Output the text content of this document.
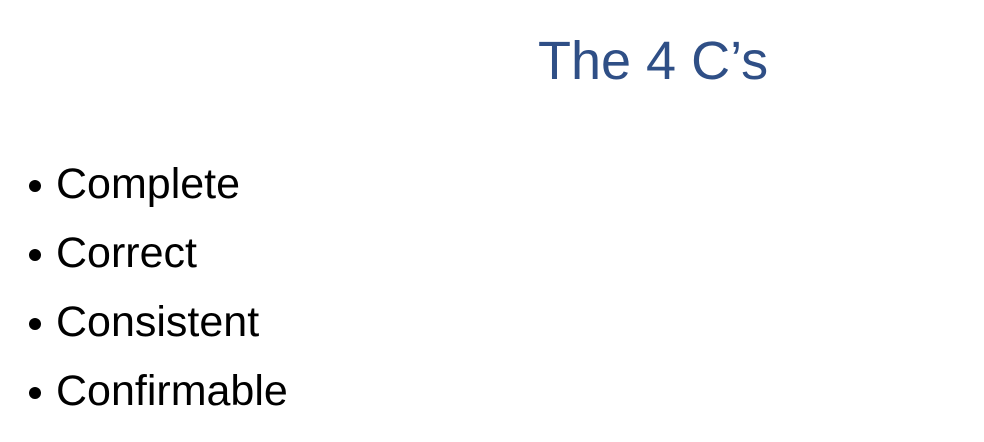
The 4 C’s
Complete
Correct
Consistent
Confirmable
